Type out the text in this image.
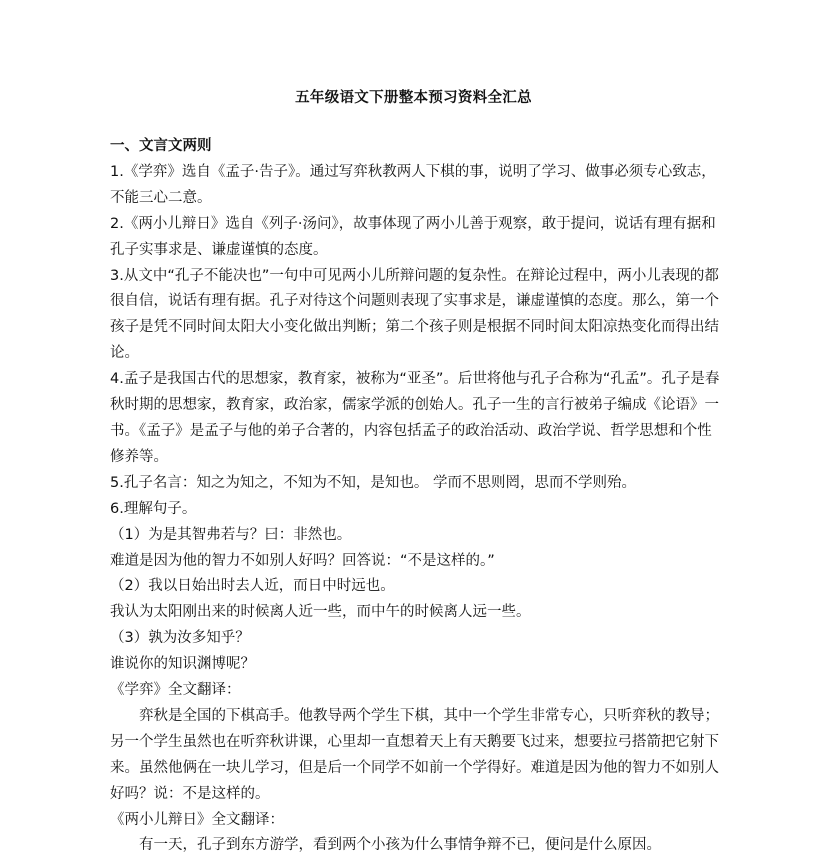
五年级语文下册整本预习资料全汇总

一、文言文两则

1.《学弈》选自《孟子·告子》。通过写弈秋教两人下棋的事，说明了学习、做事必须专心致志，不能三心二意。

2.《两小儿辩日》选自《列子·汤问》，故事体现了两小儿善于观察，敢于提问，说话有理有据和孔子实事求是、谦虚谨慎的态度。

3.从文中“孔子不能决也”一句中可见两小儿所辩问题的复杂性。在辩论过程中，两小儿表现的都很自信，说话有理有据。孔子对待这个问题则表现了实事求是，谦虚谨慎的态度。那么，第一个孩子是凭不同时间太阳大小变化做出判断；第二个孩子则是根据不同时间太阳凉热变化而得出结论。

4.孟子是我国古代的思想家，教育家，被称为“亚圣”。后世将他与孔子合称为“孔孟”。孔子是春秋时期的思想家，教育家，政治家，儒家学派的创始人。孔子一生的言行被弟子编成《论语》一书。《孟子》是孟子与他的弟子合著的，内容包括孟子的政治活动、政治学说、哲学思想和个性修养等。

5.孔子名言：知之为知之，不知为不知，是知也。 学而不思则罔，思而不学则殆。

6.理解句子。

（1）为是其智弗若与？曰：非然也。

难道是因为他的智力不如别人好吗？回答说：“不是这样的。”

（2）我以日始出时去人近，而日中时远也。

我认为太阳刚出来的时候离人近一些，而中午的时候离人远一些。

（3）孰为汝多知乎？

谁说你的知识渊博呢？

《学弈》全文翻译：

弈秋是全国的下棋高手。他教导两个学生下棋，其中一个学生非常专心，只听弈秋的教导；另一个学生虽然也在听弈秋讲课，心里却一直想着天上有天鹅要飞过来，想要拉弓搭箭把它射下来。虽然他俩在一块儿学习，但是后一个同学不如前一个学得好。难道是因为他的智力不如别人好吗？说：不是这样的。

《两小儿辩日》全文翻译：

有一天，孔子到东方游学，看到两个小孩为什么事情争辩不已，便问是什么原因。
